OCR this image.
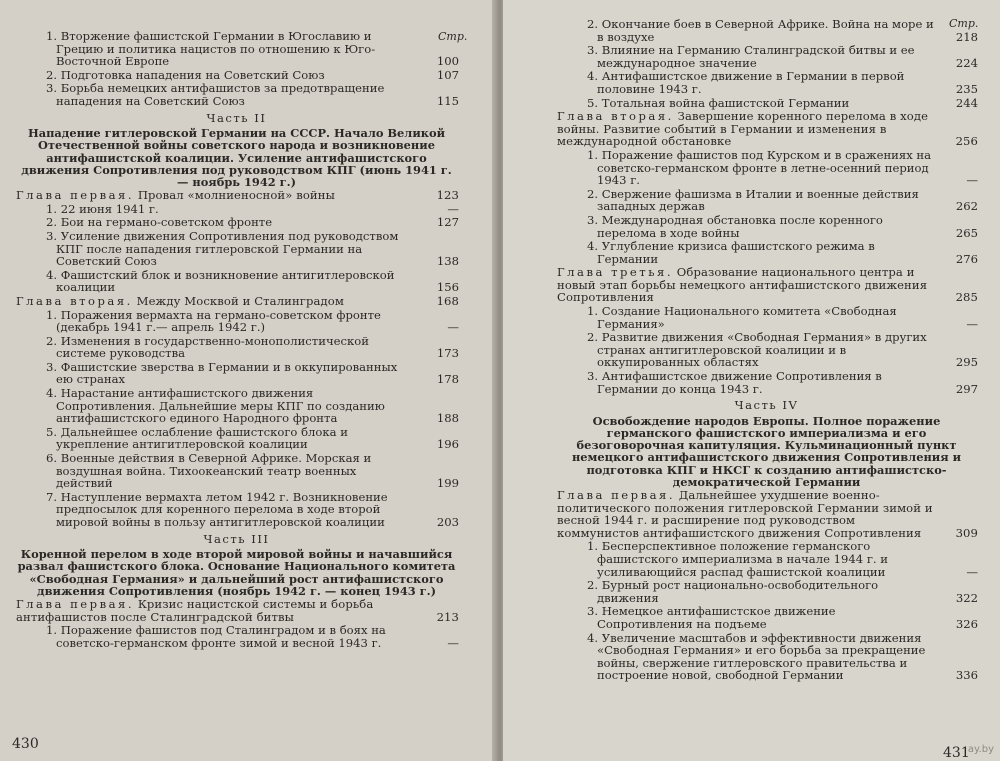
Стр.
1. Вторжение фашистской Германии в Югославию и Грецию и политика нацистов по отношению к Юго-Восточной Европе	100
2. Подготовка нападения на Советский Союз	107
3. Борьба немецких антифашистов за предотвращение нападения на Советский Союз	115
Часть II
Нападение гитлеровской Германии на СССР. Начало Великой Отечественной войны советского народа и возникновение антифашистской коалиции. Усиление антифашистского движения Сопротивления под руководством КПГ (июнь 1941 г. — ноябрь 1942 г.)
Глава первая. Провал «молниеносной» войны	123
1. 22 июня 1941 г.	—
2. Бои на германо-советском фронте	127
3. Усиление движения Сопротивления под руководством КПГ после нападения гитлеровской Германии на Советский Союз	138
4. Фашистский блок и возникновение антигитлеровской коалиции	156
Глава вторая. Между Москвой и Сталинградом	168
1. Поражения вермахта на германо-советском фронте (декабрь 1941 г.— апрель 1942 г.)	—
2. Изменения в государственно-монополистической системе руководства	173
3. Фашистские зверства в Германии и в оккупированных ею странах	178
4. Нарастание антифашистского движения Сопротивления. Дальнейшие меры КПГ по созданию антифашистского единого Народного фронта	188
5. Дальнейшее ослабление фашистского блока и укрепление антигитлеровской коалиции	196
6. Военные действия в Северной Африке. Морская и воздушная война. Тихоокеанский театр военных действий	199
7. Наступление вермахта летом 1942 г. Возникновение предпосылок для коренного перелома в ходе второй мировой войны в пользу антигитлеровской коалиции	203
Часть III
Коренной перелом в ходе второй мировой войны и начавшийся развал фашистского блока. Основание Национального комитета «Свободная Германия» и дальнейший рост антифашистского движения Сопротивления (ноябрь 1942 г. — конец 1943 г.)
Глава первая. Кризис нацистской системы и борьба антифашистов после Сталинградской битвы	213
1. Поражение фашистов под Сталинградом и в боях на советско-германском фронте зимой и весной 1943 г.	—
430
Стр.
2. Окончание боев в Северной Африке. Война на море и в воздухе	218
3. Влияние на Германию Сталинградской битвы и ее международное значение	224
4. Антифашистское движение в Германии в первой половине 1943 г.	235
5. Тотальная война фашистской Германии	244
Глава вторая. Завершение коренного перелома в ходе войны. Развитие событий в Германии и изменения в международной обстановке	256
1. Поражение фашистов под Курском и в сражениях на советско-германском фронте в летне-осенний период 1943 г.	—
2. Свержение фашизма в Италии и военные действия западных держав	262
3. Международная обстановка после коренного перелома в ходе войны	265
4. Углубление кризиса фашистского режима в Германии	276
Глава третья. Образование национального центра и новый этап борьбы немецкого антифашистского движения Сопротивления	285
1. Создание Национального комитета «Свободная Германия»	—
2. Развитие движения «Свободная Германия» в других странах антигитлеровской коалиции и в оккупированных областях	295
3. Антифашистское движение Сопротивления в Германии до конца 1943 г.	297
Часть IV
Освобождение народов Европы. Полное поражение германского фашистского империализма и его безоговорочная капитуляция. Кульминационный пункт немецкого антифашистского движения Сопротивления и подготовка КПГ и НКСГ к созданию антифашистско-демократической Германии
Глава первая. Дальнейшее ухудшение военно-политического положения гитлеровской Германии зимой и весной 1944 г. и расширение под руководством коммунистов антифашистского движения Сопротивления	309
1. Бесперспективное положение германского фашистского империализма в начале 1944 г. и усиливающийся распад фашистской коалиции	—
2. Бурный рост национально-освободительного движения	322
3. Немецкое антифашистское движение Сопротивления на подъеме	326
4. Увеличение масштабов и эффективности движения «Свободная Германия» и его борьба за прекращение войны, свержение гитлеровского правительства и построение новой, свободной Германии	336
431
ay.by
